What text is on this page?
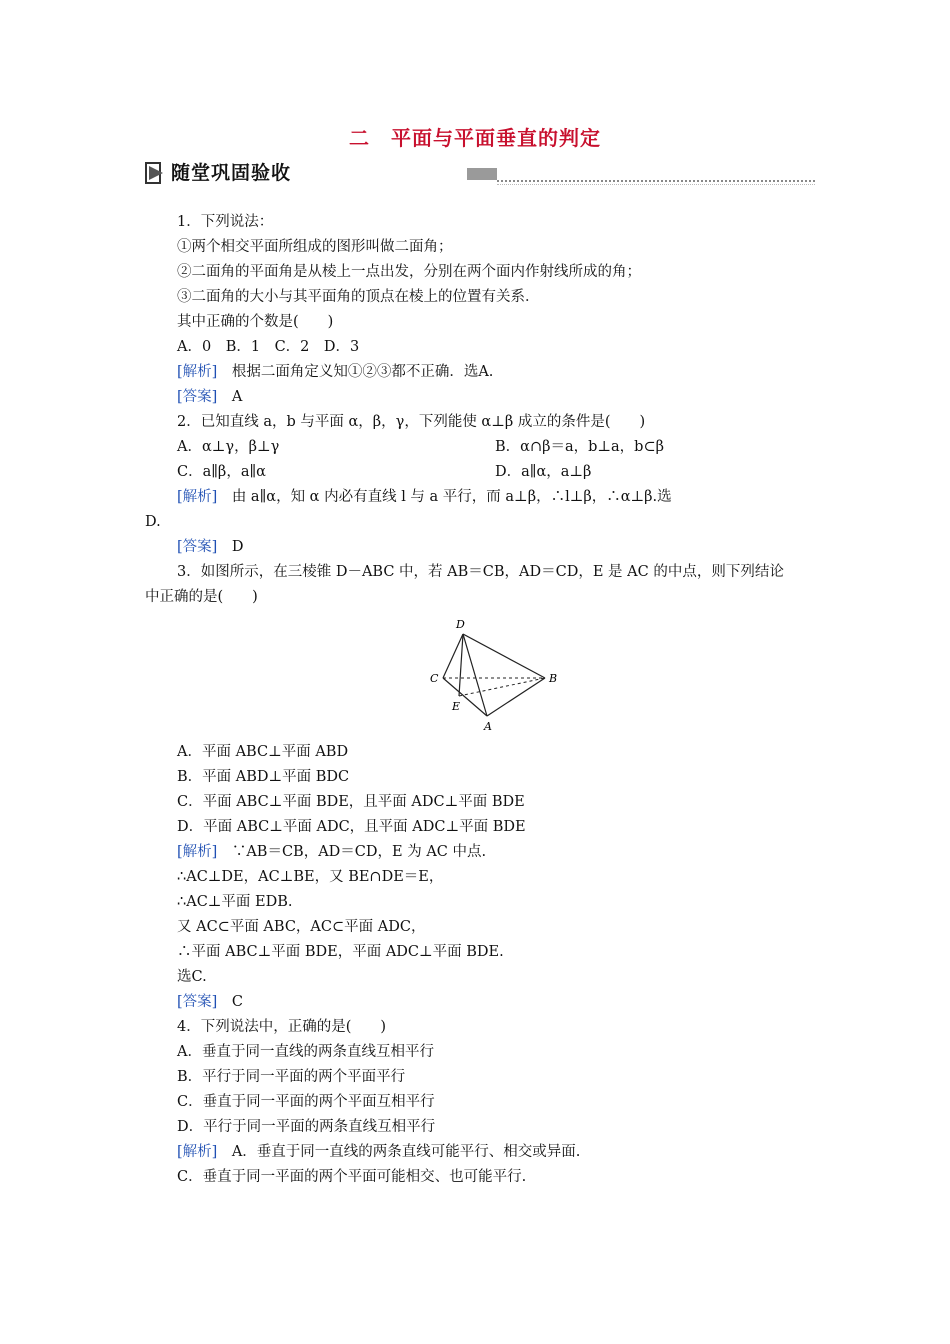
二　平面与平面垂直的判定
随堂巩固验收
1．下列说法：
①两个相交平面所组成的图形叫做二面角；
②二面角的平面角是从棱上一点出发，分别在两个面内作射线所成的角；
③二面角的大小与其平面角的顶点在棱上的位置有关系．
其中正确的个数是(　　)
A．0　B．1　C．2　D．3
[解析]　根据二面角定义知①②③都不正确．选A.
[答案]　A
2．已知直线 a，b 与平面 α，β，γ，下列能使 α⊥β 成立的条件是(　　)
A．α⊥γ，β⊥γ	B．α∩β＝a，b⊥a，b⊂β
C．a∥β，a∥α	D．a∥α，a⊥β
[解析]　由 a∥α，知 α 内必有直线 l 与 a 平行，而 a⊥β，∴l⊥β，∴α⊥β.选
D.
[答案]　D
3．如图所示，在三棱锥 D－ABC 中，若 AB＝CB，AD＝CD，E 是 AC 的中点，则下列结论
中正确的是(　　)
D
C	B
E
A
A．平面 ABC⊥平面 ABD
B．平面 ABD⊥平面 BDC
C．平面 ABC⊥平面 BDE，且平面 ADC⊥平面 BDE
D．平面 ABC⊥平面 ADC，且平面 ADC⊥平面 BDE
[解析]　∵AB＝CB，AD＝CD，E 为 AC 中点.
∴AC⊥DE，AC⊥BE，又 BE∩DE＝E，
∴AC⊥平面 EDB.
又 AC⊂平面 ABC，AC⊂平面 ADC，
∴平面 ABC⊥平面 BDE，平面 ADC⊥平面 BDE.
选C.
[答案]　C
4．下列说法中，正确的是(　　)
A．垂直于同一直线的两条直线互相平行
B．平行于同一平面的两个平面平行
C．垂直于同一平面的两个平面互相平行
D．平行于同一平面的两条直线互相平行
[解析]　A．垂直于同一直线的两条直线可能平行、相交或异面.
C．垂直于同一平面的两个平面可能相交、也可能平行.
